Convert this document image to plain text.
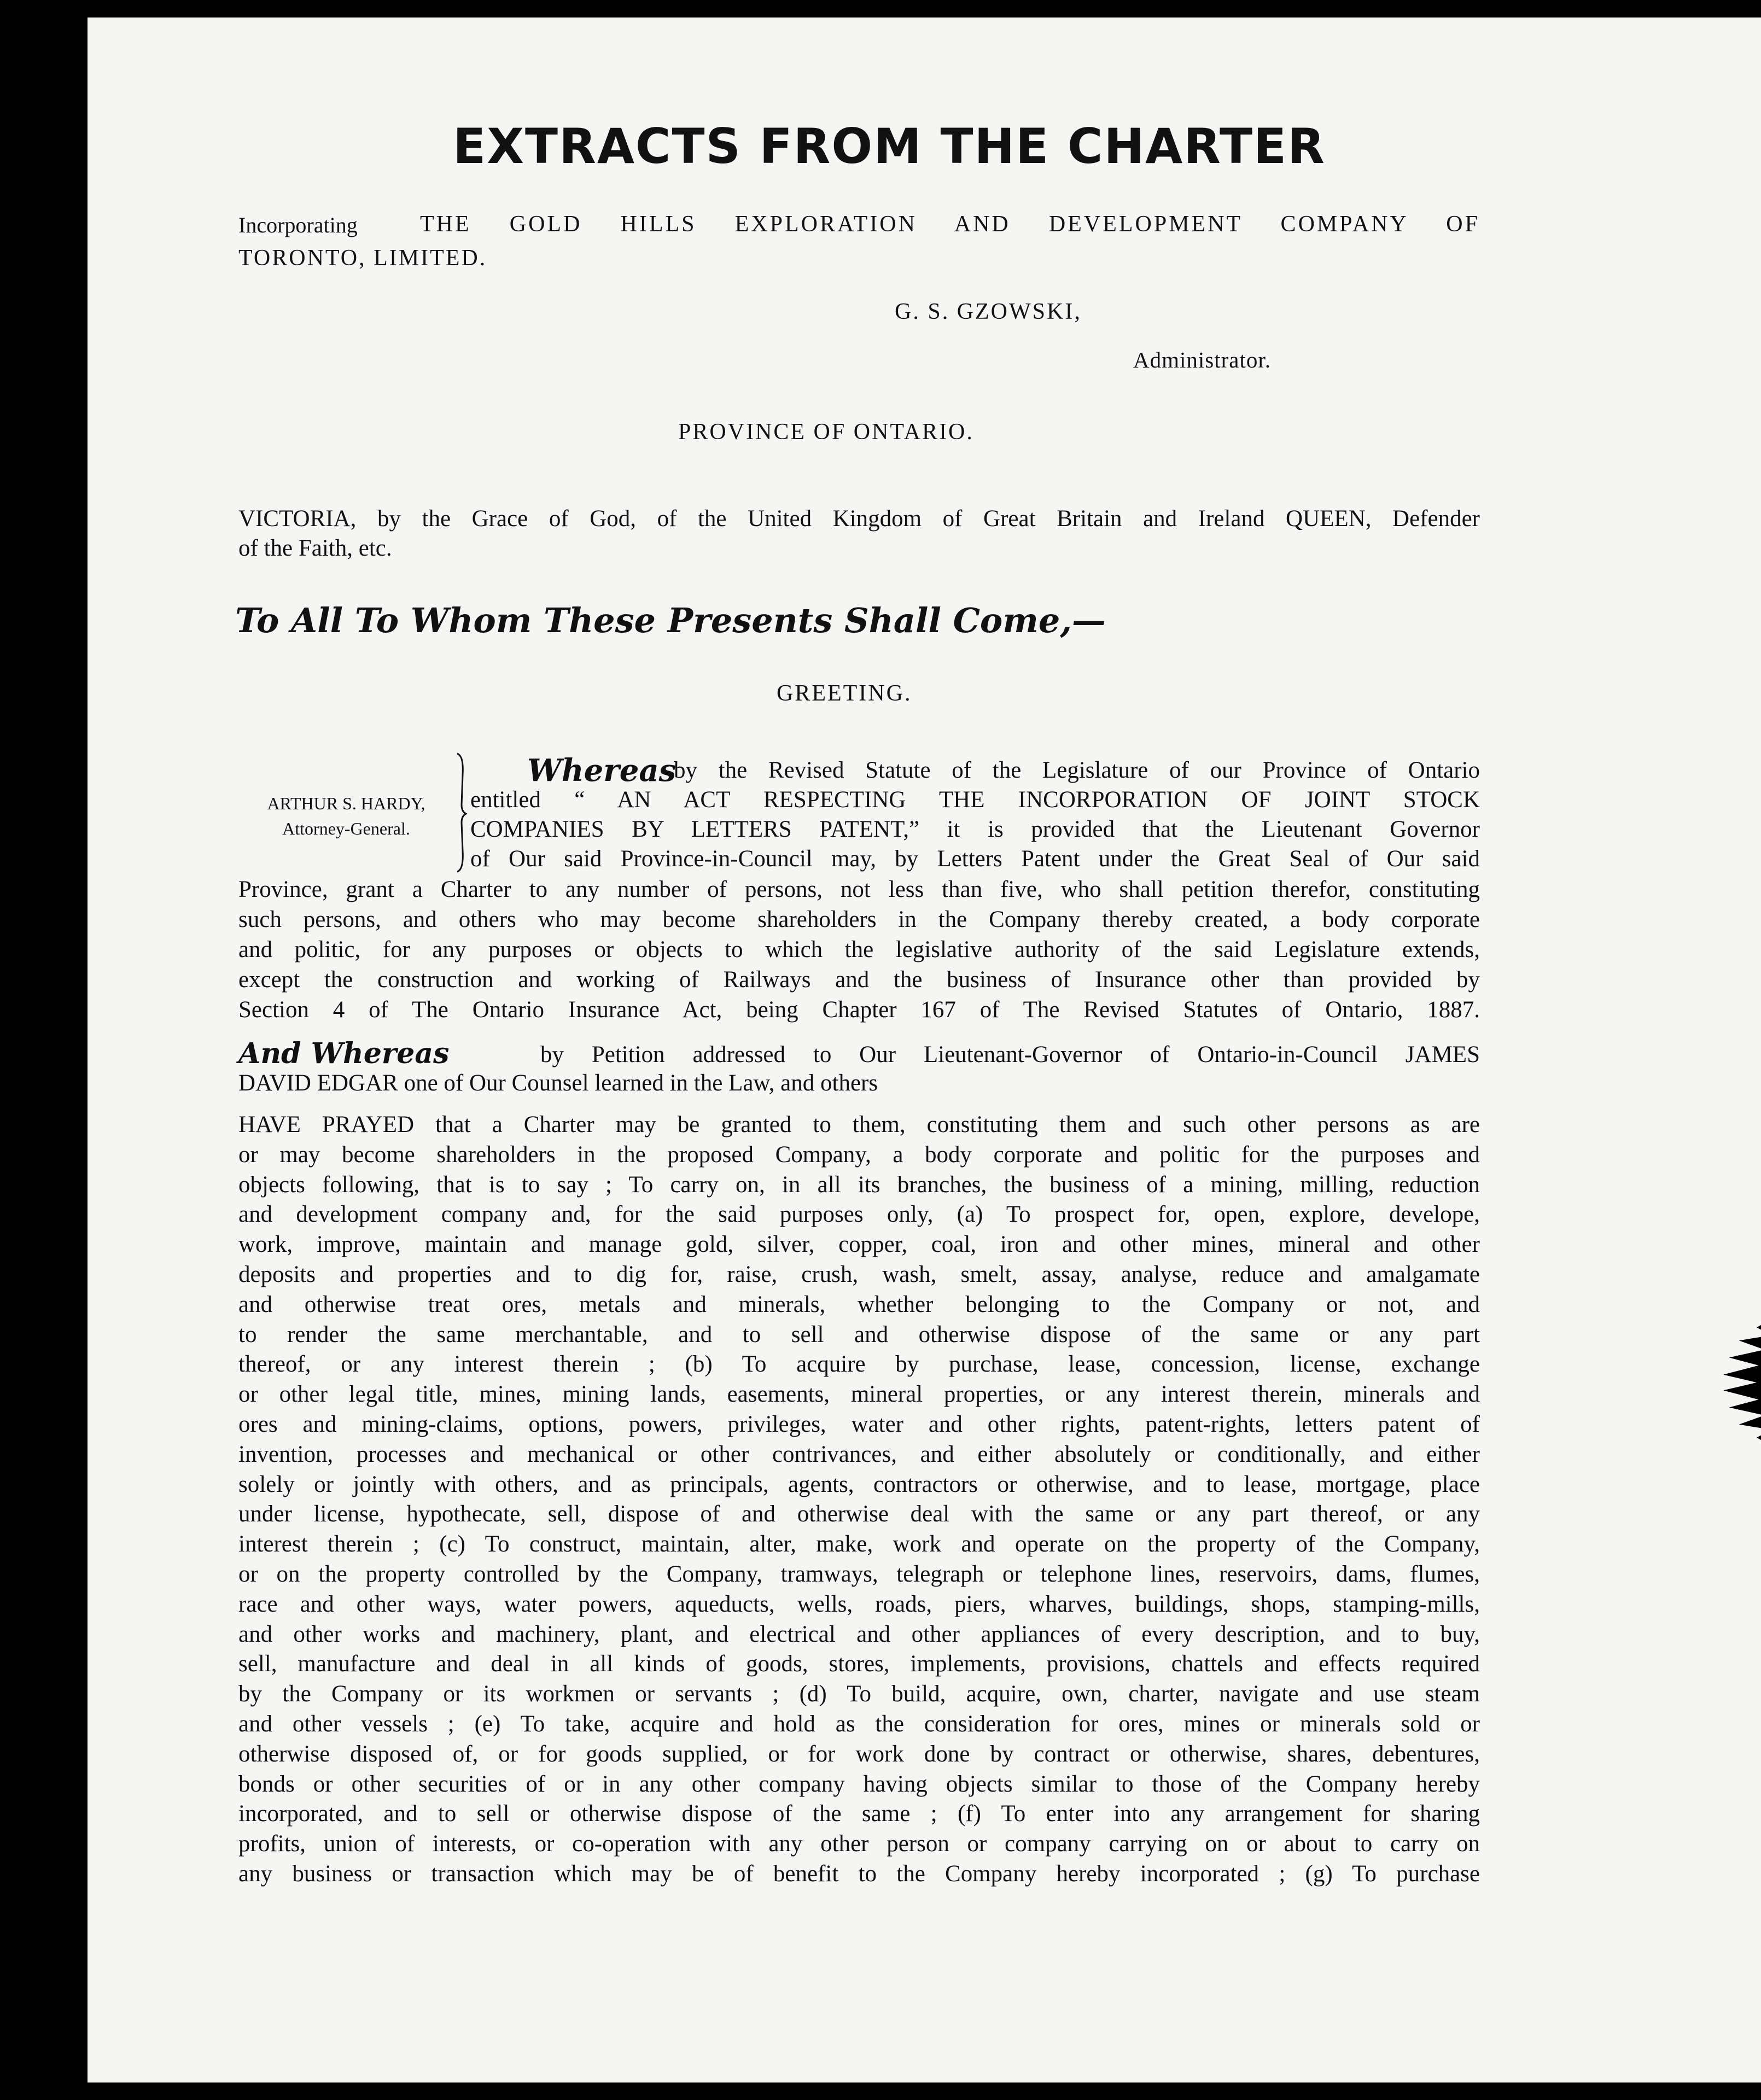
EXTRACTS FROM THE CHARTER
Incorporating	THE GOLD HILLS EXPLORATION AND DEVELOPMENT COMPANY OF
TORONTO, LIMITED.
G. S. GZOWSKI,
Administrator.
PROVINCE OF ONTARIO.
VICTORIA, by the Grace of God, of the United Kingdom of Great Britain and Ireland QUEEN, Defender
of the Faith, etc.
To All To Whom These Presents Shall Come,—
GREETING.
ARTHUR S. HARDY,
Attorney-General.
Whereas
by the Revised Statute of the Legislature of our Province of Ontario
entitled “ AN ACT RESPECTING THE INCORPORATION OF JOINT STOCK
COMPANIES BY LETTERS PATENT,” it is provided that the Lieutenant Governor
of Our said Province-in-Council may, by Letters Patent under the Great Seal of Our said
Province, grant a Charter to any number of persons, not less than five, who shall petition therefor, constituting
such persons, and others who may become shareholders in the Company thereby created, a body corporate
and politic, for any purposes or objects to which the legislative authority of the said Legislature extends,
except the construction and working of Railways and the business of Insurance other than provided by
Section 4 of The Ontario Insurance Act, being Chapter 167 of The Revised Statutes of Ontario, 1887.
And Whereas	by Petition addressed to Our Lieutenant-Governor of Ontario-in-Council JAMES
DAVID EDGAR one of Our Counsel learned in the Law, and others
HAVE PRAYED that a Charter may be granted to them, constituting them and such other persons as are
or may become shareholders in the proposed Company, a body corporate and politic for the purposes and
objects following, that is to say ; To carry on, in all its branches, the business of a mining, milling, reduction
and development company and, for the said purposes only, (a) To prospect for, open, explore, develope,
work, improve, maintain and manage gold, silver, copper, coal, iron and other mines, mineral and other
deposits and properties and to dig for, raise, crush, wash, smelt, assay, analyse, reduce and amalgamate
and otherwise treat ores, metals and minerals, whether belonging to the Company or not, and
to render the same merchantable, and to sell and otherwise dispose of the same or any part
thereof, or any interest therein ; (b) To acquire by purchase, lease, concession, license, exchange
or other legal title, mines, mining lands, easements, mineral properties, or any interest therein, minerals and
ores and mining-claims, options, powers, privileges, water and other rights, patent-rights, letters patent of
invention, processes and mechanical or other contrivances, and either absolutely or conditionally, and either
solely or jointly with others, and as principals, agents, contractors or otherwise, and to lease, mortgage, place
under license, hypothecate, sell, dispose of and otherwise deal with the same or any part thereof, or any
interest therein ; (c) To construct, maintain, alter, make, work and operate on the property of the Company,
or on the property controlled by the Company, tramways, telegraph or telephone lines, reservoirs, dams, flumes,
race and other ways, water powers, aqueducts, wells, roads, piers, wharves, buildings, shops, stamping-mills,
and other works and machinery, plant, and electrical and other appliances of every description, and to buy,
sell, manufacture and deal in all kinds of goods, stores, implements, provisions, chattels and effects required
by the Company or its workmen or servants ; (d) To build, acquire, own, charter, navigate and use steam
and other vessels ; (e) To take, acquire and hold as the consideration for ores, mines or minerals sold or
otherwise disposed of, or for goods supplied, or for work done by contract or otherwise, shares, debentures,
bonds or other securities of or in any other company having objects similar to those of the Company hereby
incorporated, and to sell or otherwise dispose of the same ; (f) To enter into any arrangement for sharing
profits, union of interests, or co-operation with any other person or company carrying on or about to carry on
any business or transaction which may be of benefit to the Company hereby incorporated ; (g) To purchase
